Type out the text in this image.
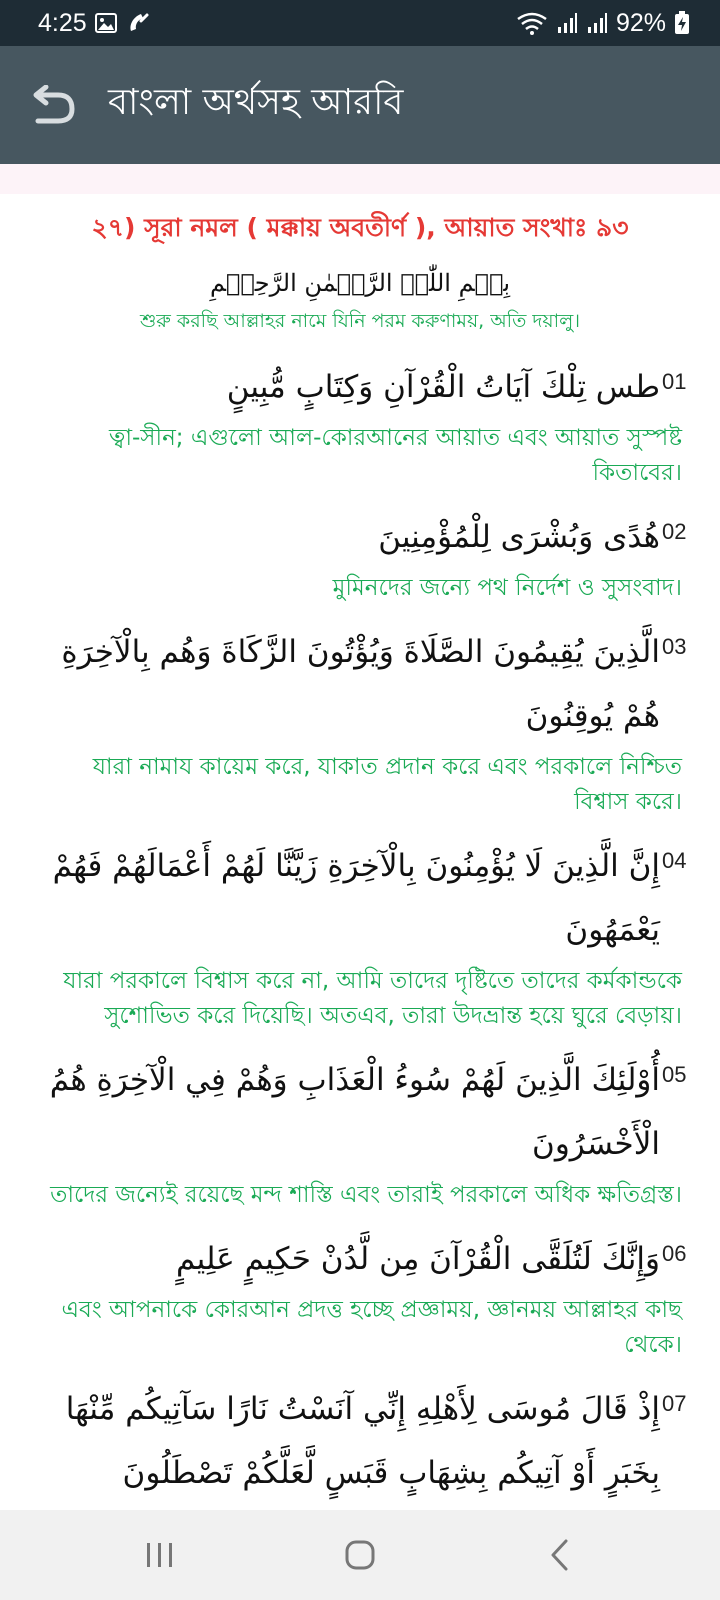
4:25	92%
বাংলা অর্থসহ আরবি
২৭) সূরা নমল ( মক্কায় অবতীর্ণ ), আয়াত সংখাঃ ৯৩
بِسۡمِ اللّٰہِ الرَّحۡمٰنِ الرَّحِیۡمِ
শুরু করছি আল্লাহর নামে যিনি পরম করুণাময়, অতি দয়ালু।
طس تِلْكَ آيَاتُ الْقُرْآنِ وَكِتَابٍ مُّبِينٍ 01
ত্বা-সীন; এগুলো আল-কোরআনের আয়াত এবং আয়াত সুস্পষ্ট কিতাবের।
هُدًى وَبُشْرَى لِلْمُؤْمِنِينَ 02
মুমিনদের জন্যে পথ নির্দেশ ও সুসংবাদ।
الَّذِينَ يُقِيمُونَ الصَّلَاةَ وَيُؤْتُونَ الزَّكَاةَ وَهُم بِالْآخِرَةِ هُمْ يُوقِنُونَ
03
যারা নামায কায়েম করে, যাকাত প্রদান করে এবং পরকালে নিশ্চিত বিশ্বাস করে।
إِنَّ الَّذِينَ لَا يُؤْمِنُونَ بِالْآخِرَةِ زَيَّنَّا لَهُمْ أَعْمَالَهُمْ فَهُمْ يَعْمَهُونَ
04
যারা পরকালে বিশ্বাস করে না, আমি তাদের দৃষ্টিতে তাদের কর্মকান্ডকে সুশোভিত করে দিয়েছি। অতএব, তারা উদভ্রান্ত হয়ে ঘুরে বেড়ায়।
أُوْلَئِكَ الَّذِينَ لَهُمْ سُوءُ الْعَذَابِ وَهُمْ فِي الْآخِرَةِ هُمُ الْأَخْسَرُونَ
05
তাদের জন্যেই রয়েছে মন্দ শাস্তি এবং তারাই পরকালে অধিক ক্ষতিগ্রস্ত।
وَإِنَّكَ لَتُلَقَّى الْقُرْآنَ مِن لَّدُنْ حَكِيمٍ عَلِيمٍ 06
এবং আপনাকে কোরআন প্রদত্ত হচ্ছে প্রজ্ঞাময়, জ্ঞানময় আল্লাহর কাছ থেকে।
إِذْ قَالَ مُوسَى لِأَهْلِهِ إِنِّي آنَسْتُ نَارًا سَآتِيكُم مِّنْهَا بِخَبَرٍ أَوْ آتِيكُم بِشِهَابٍ قَبَسٍ لَّعَلَّكُمْ تَصْطَلُونَ
07
